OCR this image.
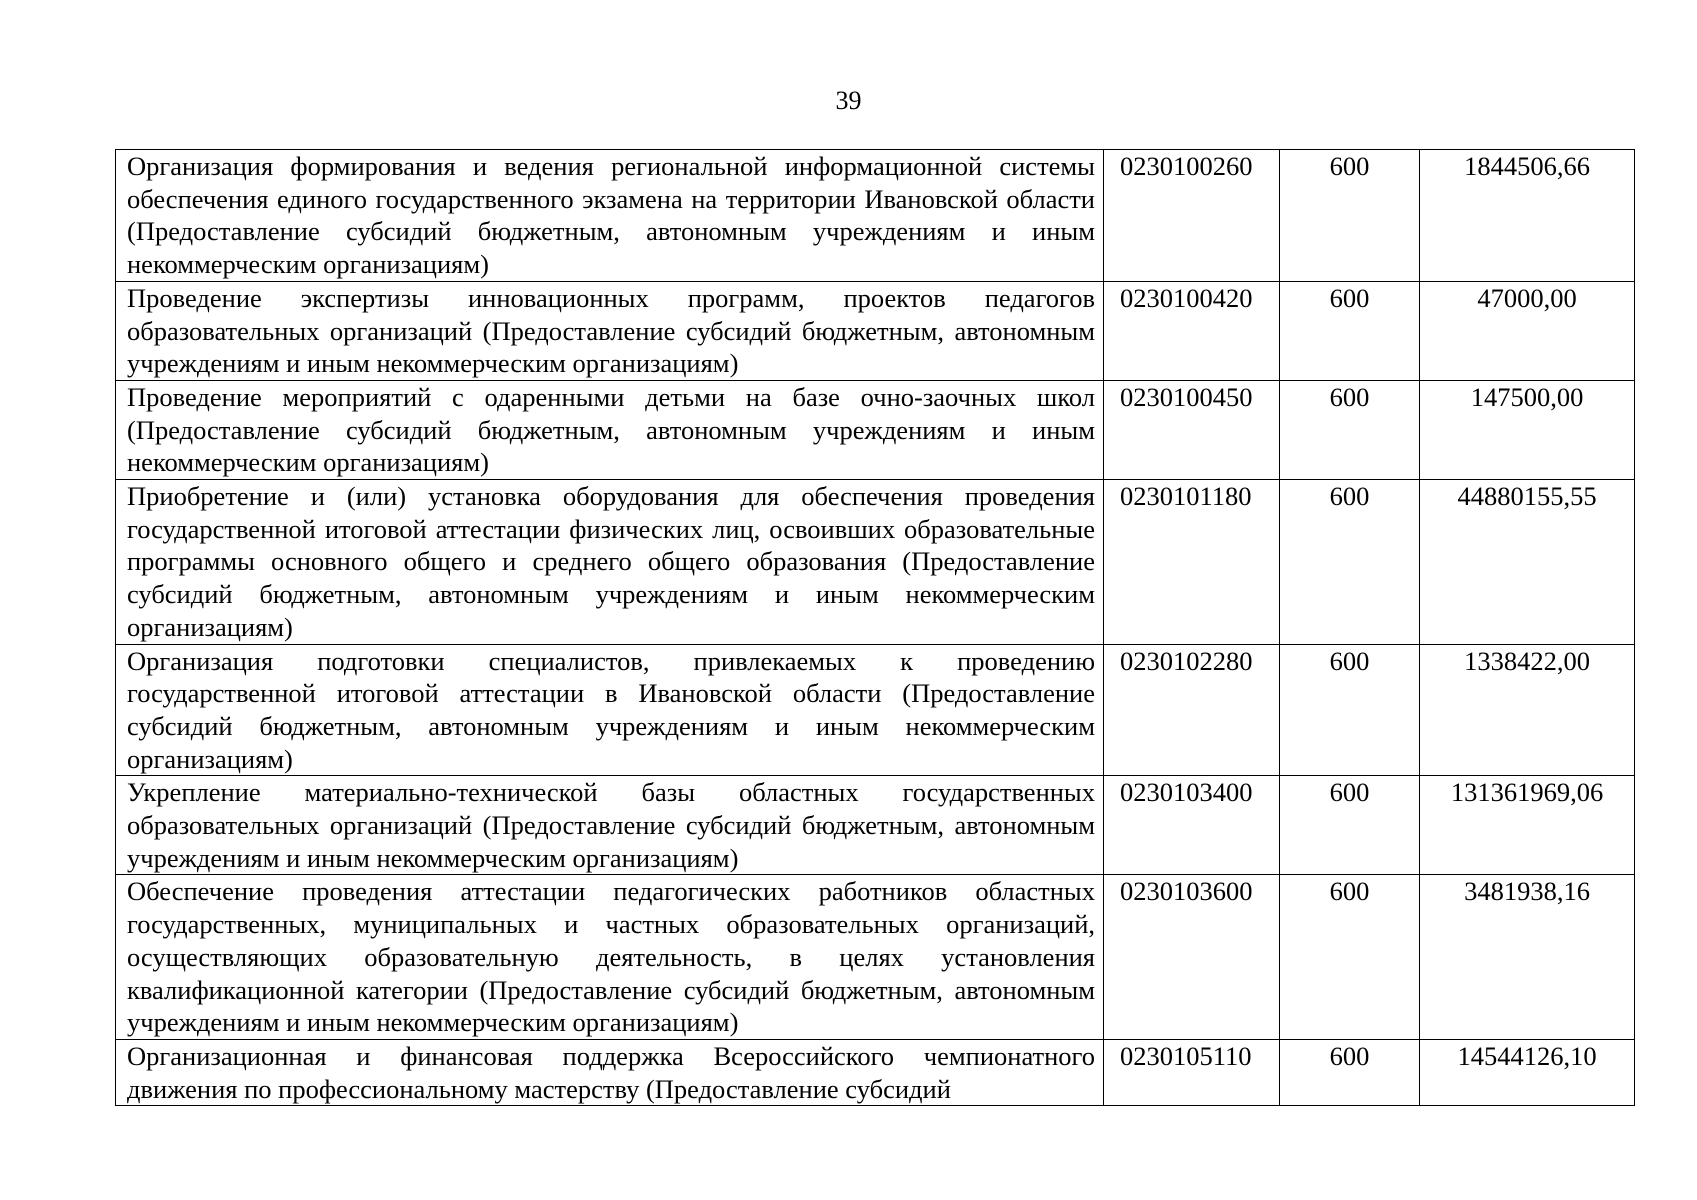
39
Организация формирования и ведения региональной информационной системы обеспечения единого государственного экзамена на территории Ивановской области (Предоставление субсидий бюджетным, автономным учреждениям и иным некоммерческим организациям)	0230100260	600	1844506,66
Проведение экспертизы инновационных программ, проектов педагогов образовательных организаций (Предоставление субсидий бюджетным, автономным учреждениям и иным некоммерческим организациям)	0230100420	600	47000,00
Проведение мероприятий с одаренными детьми на базе очно-заочных школ (Предоставление субсидий бюджетным, автономным учреждениям и иным некоммерческим организациям)	0230100450	600	147500,00
Приобретение и (или) установка оборудования для обеспечения проведения государственной итоговой аттестации физических лиц, освоивших образовательные программы основного общего и среднего общего образования (Предоставление субсидий бюджетным, автономным учреждениям и иным некоммерческим организациям)	0230101180	600	44880155,55
Организация подготовки специалистов, привлекаемых к проведению государственной итоговой аттестации в Ивановской области (Предоставление субсидий бюджетным, автономным учреждениям и иным некоммерческим организациям)	0230102280	600	1338422,00
Укрепление материально-технической базы областных государственных образовательных организаций (Предоставление субсидий бюджетным, автономным учреждениям и иным некоммерческим организациям)	0230103400	600	131361969,06
Обеспечение проведения аттестации педагогических работников областных государственных, муниципальных и частных образовательных организаций, осуществляющих образовательную деятельность, в целях установления квалификационной категории (Предоставление субсидий бюджетным, автономным учреждениям и иным некоммерческим организациям)	0230103600	600	3481938,16

Организационная и финансовая поддержка Всероссийского чемпионатного движения по профессиональному мастерству (Предоставление субсидий	0230105110	600	14544126,10
